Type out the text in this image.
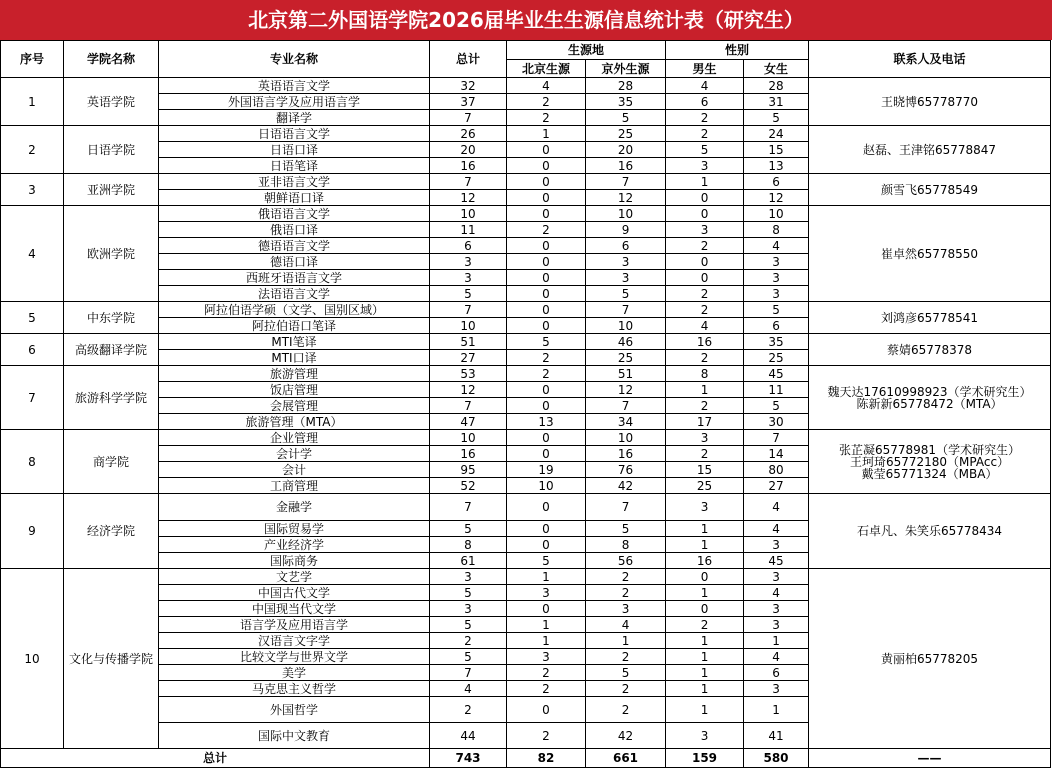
北京第二外国语学院2026届毕业生生源信息统计表（研究生）
序号	学院名称	专业名称	总计	生源地		性别		联系人及电话
				北京生源	京外生源	男生	女生	
1	英语学院	英语语言文学	32	4	28	4	28	王晓博65778770

		外国语言学及应用语言学	37	2	35	6	31	
		翻译学	7	2	5	2	5	
2	日语学院	日语语言文学	26	1	25	2	24	赵磊、王津铭65778847

		日语口译	20	0	20	5	15	
		日语笔译	16	0	16	3	13	
3	亚洲学院	亚非语言文学	7	0	7	1	6	颜雪飞65778549

		朝鲜语口译	12	0	12	0	12	
4	欧洲学院	俄语语言文学	10	0	10	0	10	崔卓然65778550

		俄语口译	11	2	9	3	8	
		德语语言文学	6	0	6	2	4	
		德语口译	3	0	3	0	3	
		西班牙语语言文学	3	0	3	0	3	
		法语语言文学	5	0	5	2	3	
5	中东学院	阿拉伯语学硕（文学、国别区域）	7	0	7	2	5	刘鸿彦65778541

		阿拉伯语口笔译	10	0	10	4	6	
6	高级翻译学院	MTI笔译	51	5	46	16	35	蔡婧65778378

		MTI口译	27	2	25	2	25	
7	旅游科学学院	旅游管理	53	2	51	8	45	魏天达17610998923（学术研究生）
陈新新65778472（MTA）

		饭店管理	12	0	12	1	11	
		会展管理	7	0	7	2	5	
		旅游管理（MTA）	47	13	34	17	30	
8	商学院	企业管理	10	0	10	3	7	张芷凝65778981（学术研究生）
王珂琦65772180（MPAcc）
戴莹65771324（MBA）

		会计学	16	0	16	2	14	
		会计	95	19	76	15	80	
		工商管理	52	10	42	25	27	
9	经济学院	金融学	7	0	7	3	4	石卓凡、朱笑乐65778434

		国际贸易学	5	0	5	1	4	
		产业经济学	8	0	8	1	3	
		国际商务	61	5	56	16	45	
10	文化与传播学院	文艺学	3	1	2	0	3	黄丽柏65778205

		中国古代文学	5	3	2	1	4	
		中国现当代文学	3	0	3	0	3	
		语言学及应用语言学	5	1	4	2	3	
		汉语言文字学	2	1	1	1	1	
		比较文学与世界文学	5	3	2	1	4	
		美学	7	2	5	1	6	
		马克思主义哲学	4	2	2	1	3	
		外国哲学	2	0	2	1	1	
		国际中文教育	44	2	42	3	41	
总计			743	82	661	159	580	——
